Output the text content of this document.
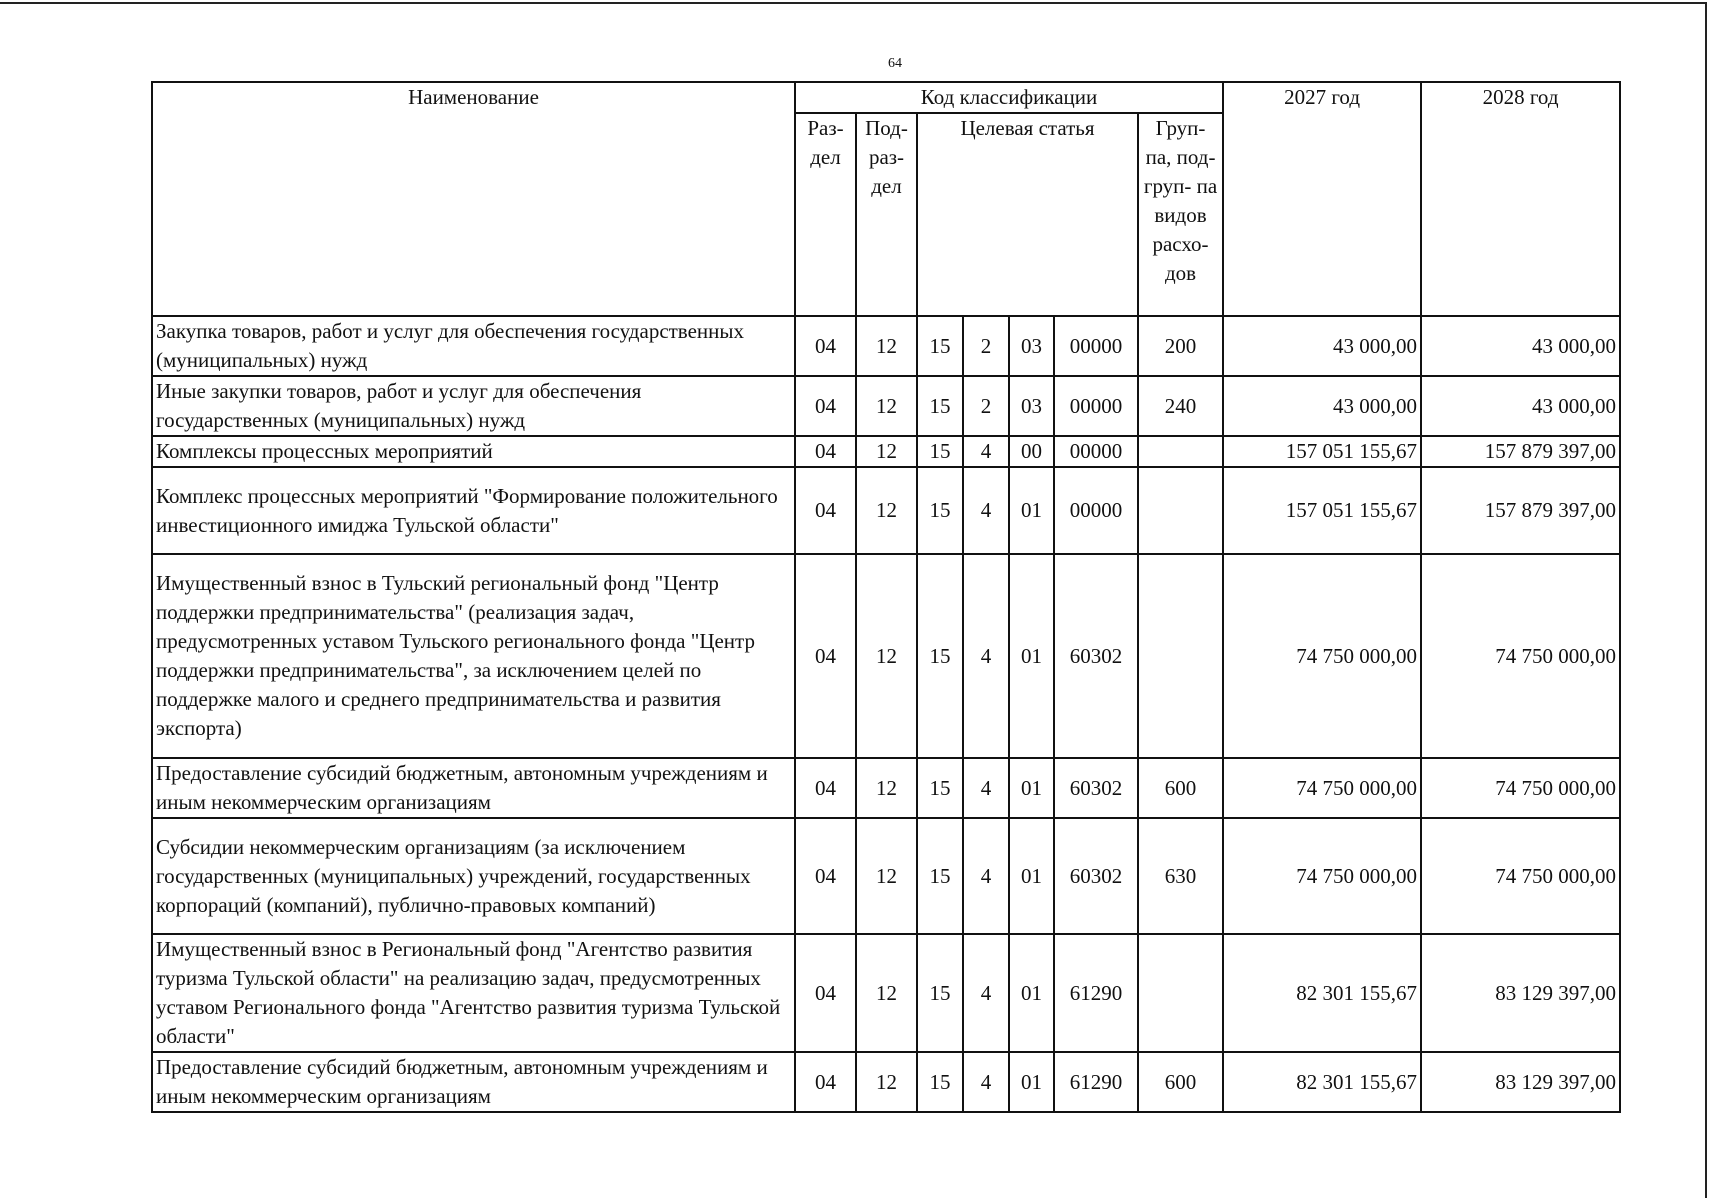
64
Наименование	Код классификации							2027 год	2028 год
	Раз- дел	Под- раз- дел	Целевая статья				Груп- па, под- груп- па видов расхо- дов		
Закупка товаров, работ и услуг для обеспечения государственных (муниципальных) нужд	04	12	15	2	03	00000	200	43 000,00	43 000,00
Иные закупки товаров, работ и услуг для обеспечения государственных (муниципальных) нужд	04	12	15	2	03	00000	240	43 000,00	43 000,00
Комплексы процессных мероприятий	04	12	15	4	00	00000		157 051 155,67	157 879 397,00
Комплекс процессных мероприятий "Формирование положительного инвестиционного имиджа Тульской области"	04	12	15	4	01	00000		157 051 155,67	157 879 397,00
Имущественный взнос в Тульский региональный фонд "Центр поддержки предпринимательства" (реализация задач, предусмотренных уставом Тульского регионального фонда "Центр поддержки предпринимательства", за исключением целей по поддержке малого и среднего предпринимательства и развития экспорта)	04	12	15	4	01	60302		74 750 000,00	74 750 000,00
Предоставление субсидий бюджетным, автономным учреждениям и иным некоммерческим организациям	04	12	15	4	01	60302	600	74 750 000,00	74 750 000,00
Субсидии некоммерческим организациям (за исключением государственных (муниципальных) учреждений, государственных корпораций (компаний), публично-правовых компаний)	04	12	15	4	01	60302	630	74 750 000,00	74 750 000,00
Имущественный взнос в Региональный фонд "Агентство развития туризма Тульской области" на реализацию задач, предусмотренных уставом Регионального фонда "Агентство развития туризма Тульской области"	04	12	15	4	01	61290		82 301 155,67	83 129 397,00
Предоставление субсидий бюджетным, автономным учреждениям и иным некоммерческим организациям	04	12	15	4	01	61290	600	82 301 155,67	83 129 397,00
